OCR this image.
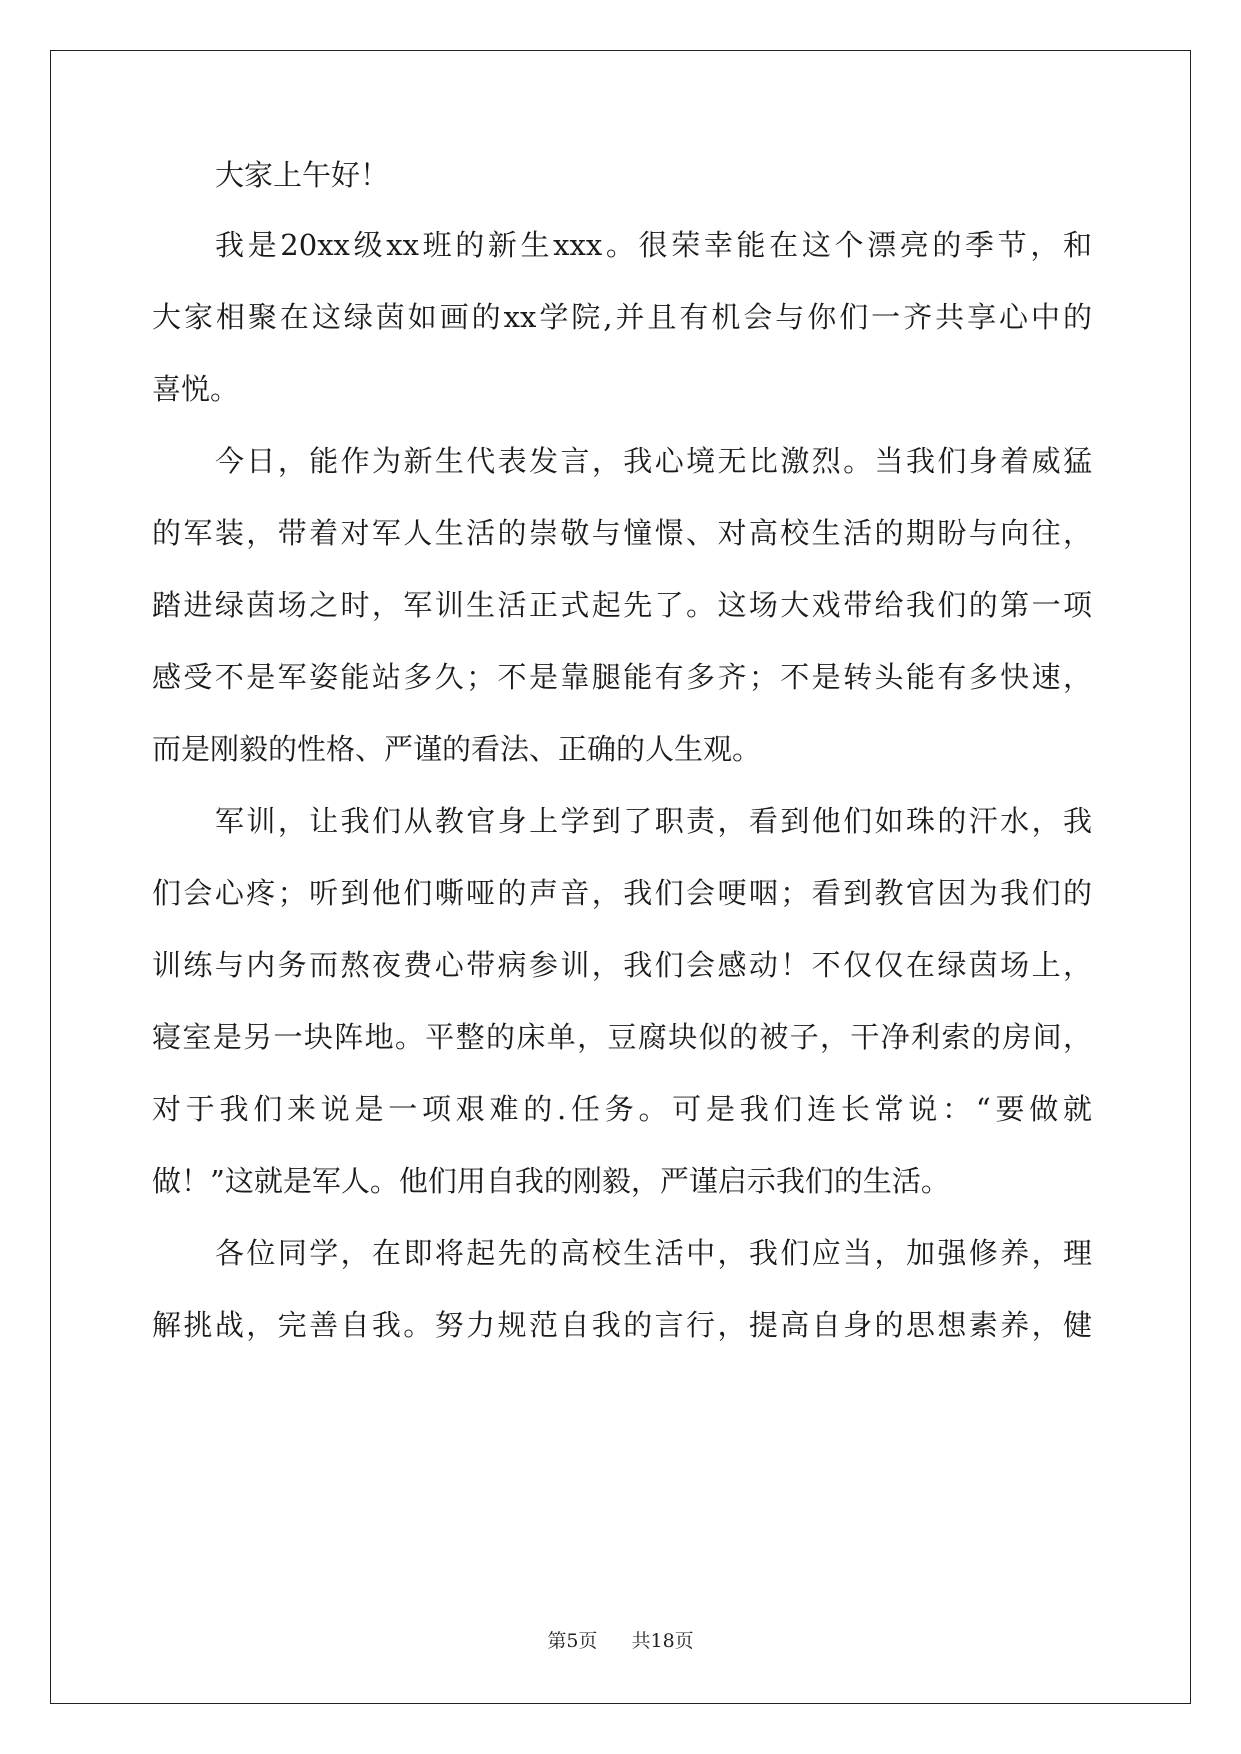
大家上午好！
我是20xx级xx班的新生xxx。很荣幸能在这个漂亮的季节，和
大家相聚在这绿茵如画的xx学院,并且有机会与你们一齐共享心中的
喜悦。
今日，能作为新生代表发言，我心境无比激烈。当我们身着威猛
的军装，带着对军人生活的崇敬与憧憬、对高校生活的期盼与向往，
踏进绿茵场之时，军训生活正式起先了。这场大戏带给我们的第一项
感受不是军姿能站多久；不是靠腿能有多齐；不是转头能有多快速，
而是刚毅的性格、严谨的看法、正确的人生观。
军训，让我们从教官身上学到了职责，看到他们如珠的汗水，我
们会心疼；听到他们嘶哑的声音，我们会哽咽；看到教官因为我们的
训练与内务而熬夜费心带病参训，我们会感动！不仅仅在绿茵场上，
寝室是另一块阵地。平整的床单，豆腐块似的被子，干净利索的房间，
对于我们来说是一项艰难的.任务。可是我们连长常说：“要做就
做！”这就是军人。他们用自我的刚毅，严谨启示我们的生活。
各位同学，在即将起先的高校生活中，我们应当，加强修养，理
解挑战，完善自我。努力规范自我的言行，提高自身的思想素养，健
第5页 共18页
